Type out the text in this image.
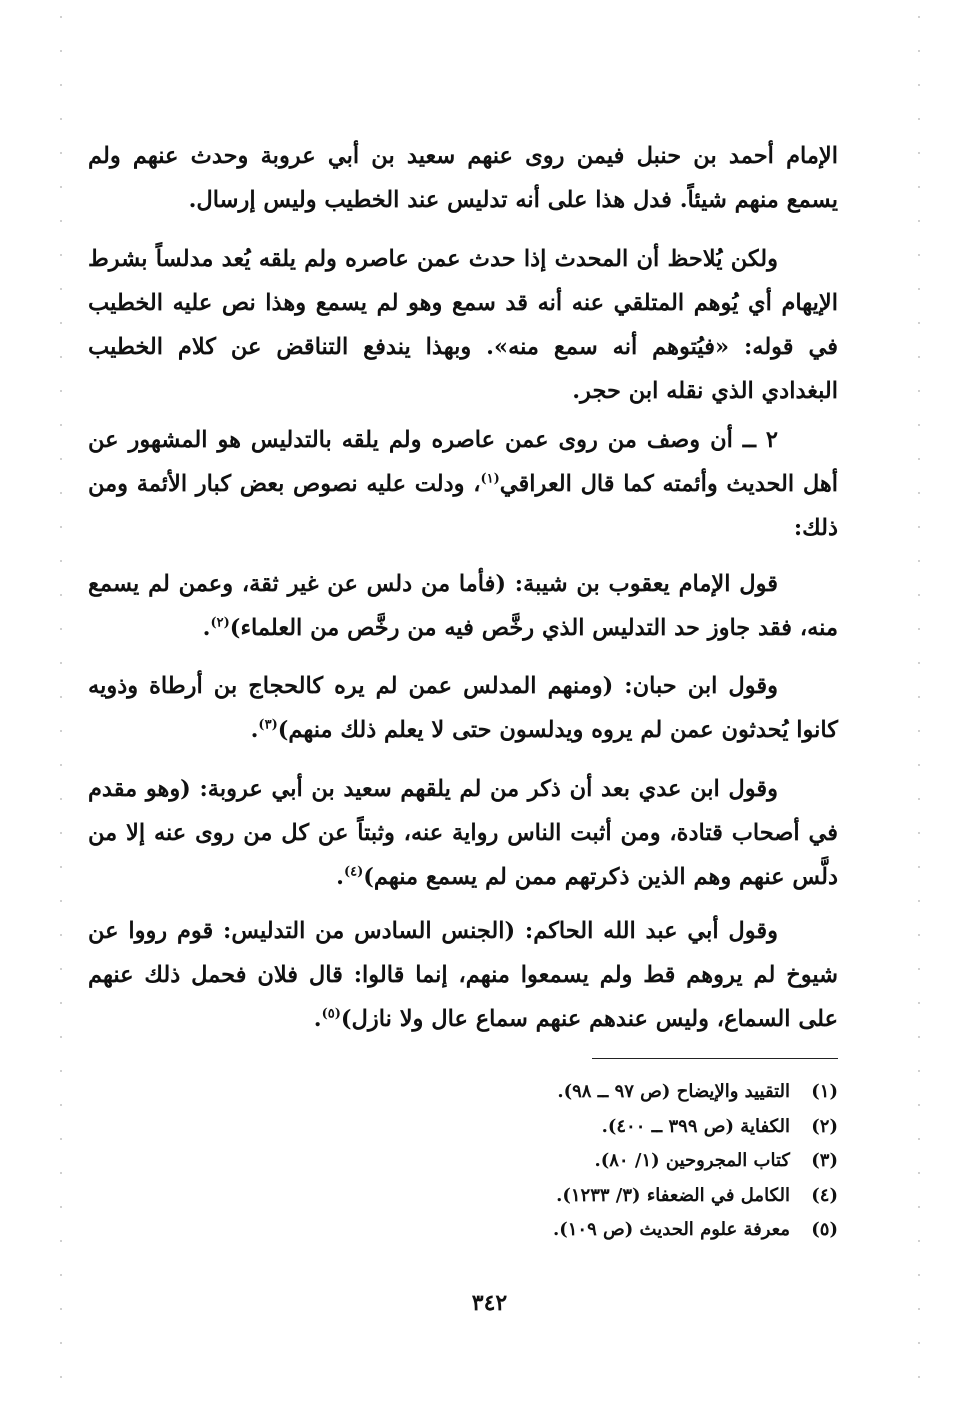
الإمام أحمد بن حنبل فيمن روى عنهم سعيد بن أبي عروبة وحدث عنهم ولم يسمع منهم شيئاً. فدل هذا على أنه تدليس عند الخطيب وليس إرسال.

ولكن يُلاحظ أن المحدث إذا حدث عمن عاصره ولم يلقه يُعد مدلساً بشرط الإيهام أي يُوهم المتلقي عنه أنه قد سمع وهو لم يسمع وهذا نص عليه الخطيب في قوله: «فيُتوهم أنه سمع منه». وبهذا يندفع التناقض عن كلام الخطيب البغدادي الذي نقله ابن حجر.

٢ ــ أن وصف من روى عمن عاصره ولم يلقه بالتدليس هو المشهور عن أهل الحديث وأئمته كما قال العراقي$^{(١)}$، ودلت عليه نصوص بعض كبار الأئمة ومن ذلك:

قول الإمام يعقوب بن شيبة: (فأما من دلس عن غير ثقة، وعمن لم يسمع منه، فقد جاوز حد التدليس الذي رخَّص فيه من رخَّص من العلماء)$^{(٢)}$.

وقول ابن حبان: (ومنهم المدلس عمن لم يره كالحجاج بن أرطاة وذويه كانوا يُحدثون عمن لم يروه ويدلسون حتى لا يعلم ذلك منهم)$^{(٣)}$.

وقول ابن عدي بعد أن ذكر من لم يلقهم سعيد بن أبي عروبة: (وهو مقدم في أصحاب قتادة، ومن أثبت الناس رواية عنه، وثبتاً عن كل من روى عنه إلا من دلَّس عنهم وهم الذين ذكرتهم ممن لم يسمع منهم)$^{(٤)}$.

وقول أبي عبد الله الحاكم: (الجنس السادس من التدليس: قوم رووا عن شيوخ لم يروهم قط ولم يسمعوا منهم، إنما قالوا: قال فلان فحمل ذلك عنهم على السماع، وليس عندهم عنهم سماع عال ولا نازل)$^{(٥)}$.

(١)التقييد والإيضاح (ص ٩٧ ــ ٩٨).
(٢)الكفاية (ص ٣٩٩ ــ ٤٠٠).
(٣)كتاب المجروحين (١/ ٨٠).
(٤)الكامل في الضعفاء (٣/ ١٢٣٣).
(٥)معرفة علوم الحديث (ص ١٠٩).
٣٤٢
